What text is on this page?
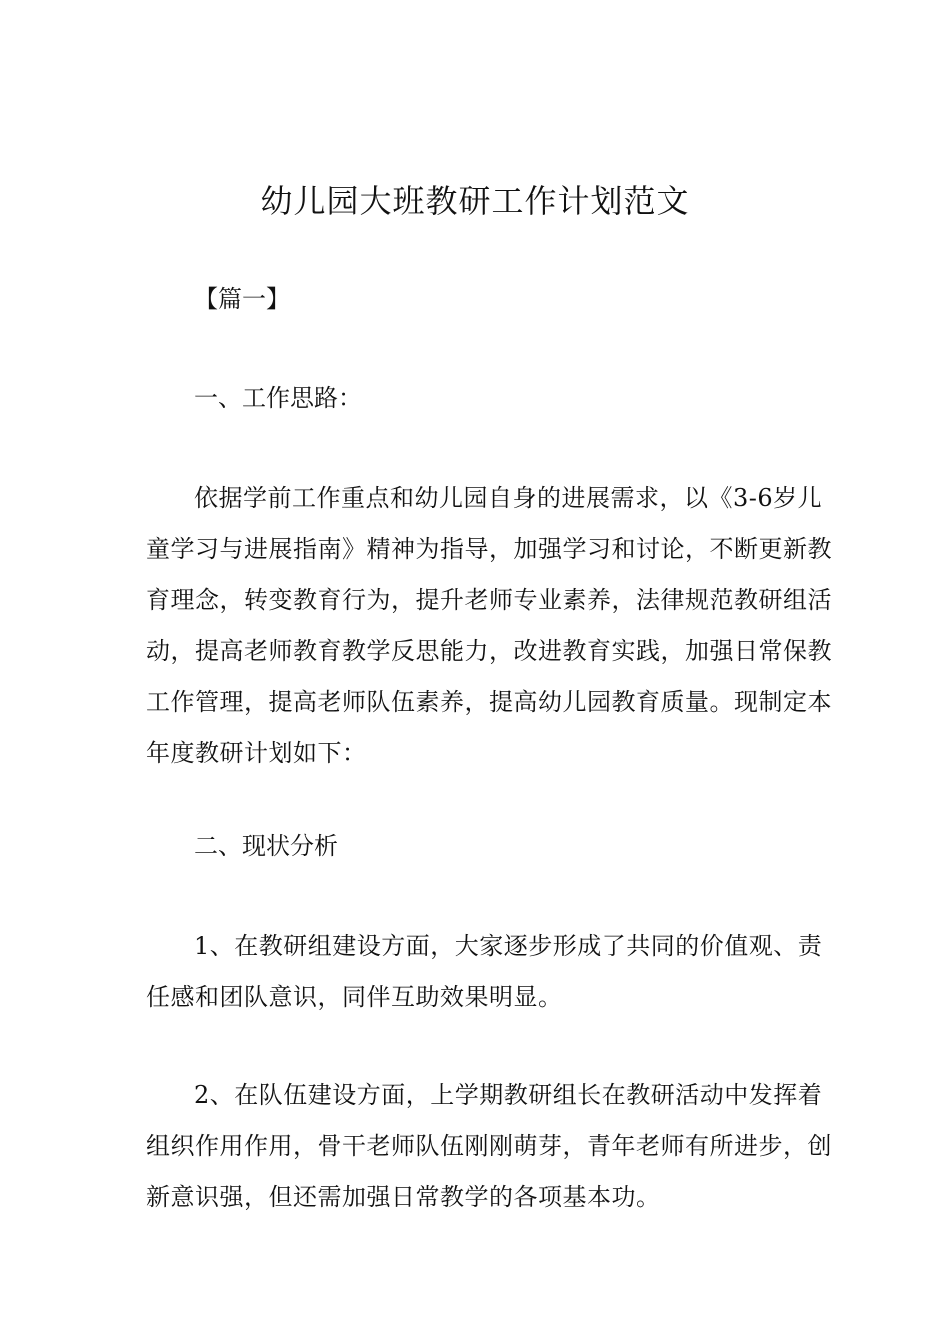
幼儿园大班教研工作计划范文

【篇一】

一、工作思路：

依据学前工作重点和幼儿园自身的进展需求，以《3-6岁儿童学习与进展指南》精神为指导，加强学习和讨论，不断更新教育理念，转变教育行为，提升老师专业素养，法律规范教研组活动，提高老师教育教学反思能力，改进教育实践，加强日常保教工作管理，提高老师队伍素养，提高幼儿园教育质量。现制定本年度教研计划如下：

二、现状分析

1、在教研组建设方面，大家逐步形成了共同的价值观、责任感和团队意识，同伴互助效果明显。

2、在队伍建设方面，上学期教研组长在教研活动中发挥着组织作用作用，骨干老师队伍刚刚萌芽，青年老师有所进步，创新意识强，但还需加强日常教学的各项基本功。
